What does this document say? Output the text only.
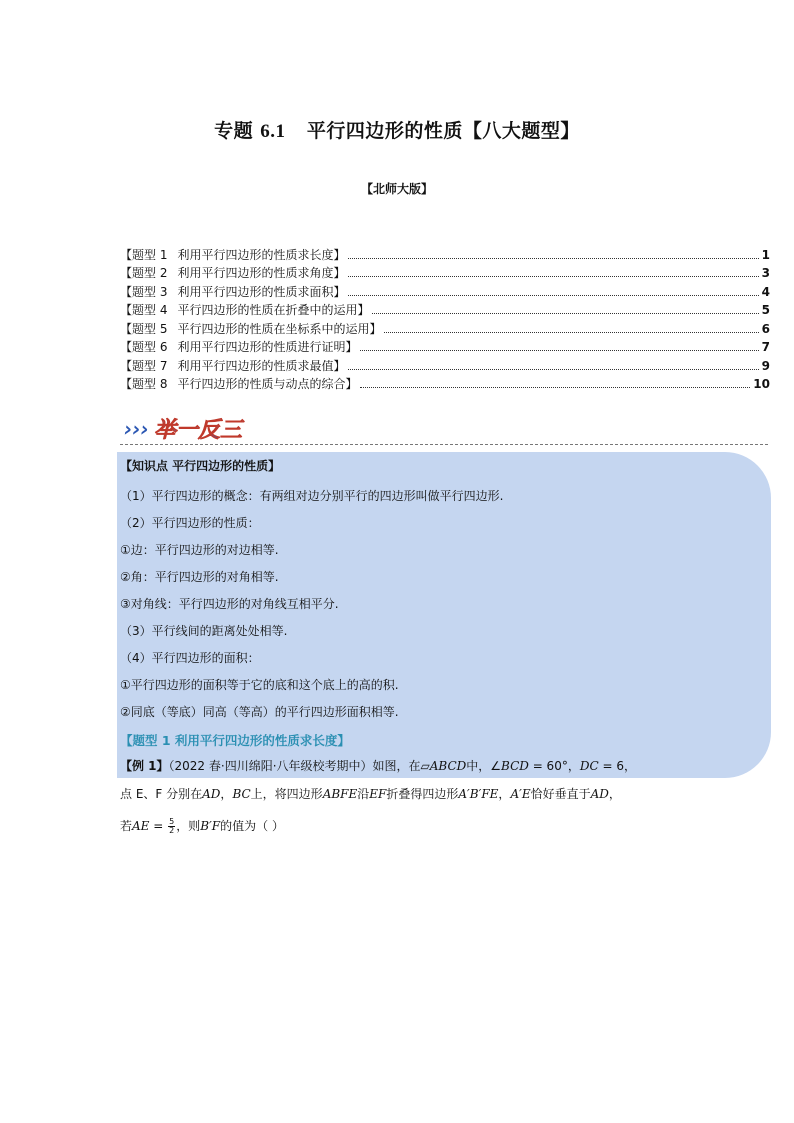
专题 6.1 平行四边形的性质【八大题型】
【北师大版】
【题型 1 利用平行四边形的性质求长度】	1
【题型 2 利用平行四边形的性质求角度】	3
【题型 3 利用平行四边形的性质求面积】	4
【题型 4 平行四边形的性质在折叠中的运用】	5
【题型 5 平行四边形的性质在坐标系中的运用】	6
【题型 6 利用平行四边形的性质进行证明】	7
【题型 7 利用平行四边形的性质求最值】	9
【题型 8 平行四边形的性质与动点的综合】	10
››› 举一反三
【知识点 平行四边形的性质】
（1）平行四边形的概念：有两组对边分别平行的四边形叫做平行四边形.
（2）平行四边形的性质：
①边：平行四边形的对边相等.
②角：平行四边形的对角相等.
③对角线：平行四边形的对角线互相平分.
（3）平行线间的距离处处相等.
（4）平行四边形的面积：
①平行四边形的面积等于它的底和这个底上的高的积.
②同底（等底）同高（等高）的平行四边形面积相等.
【题型 1 利用平行四边形的性质求长度】
【例 1】（2022 春·四川绵阳·八年级校考期中）如图，在▱ABCD中，∠BCD = 60°，DC = 6，
点 E、F 分别在AD，BC上，将四边形ABFE沿EF折叠得四边形A′B′FE，A′E恰好垂直于AD，
若AE = $\frac{5}{2}$ ，则B′F的值为（ ）
